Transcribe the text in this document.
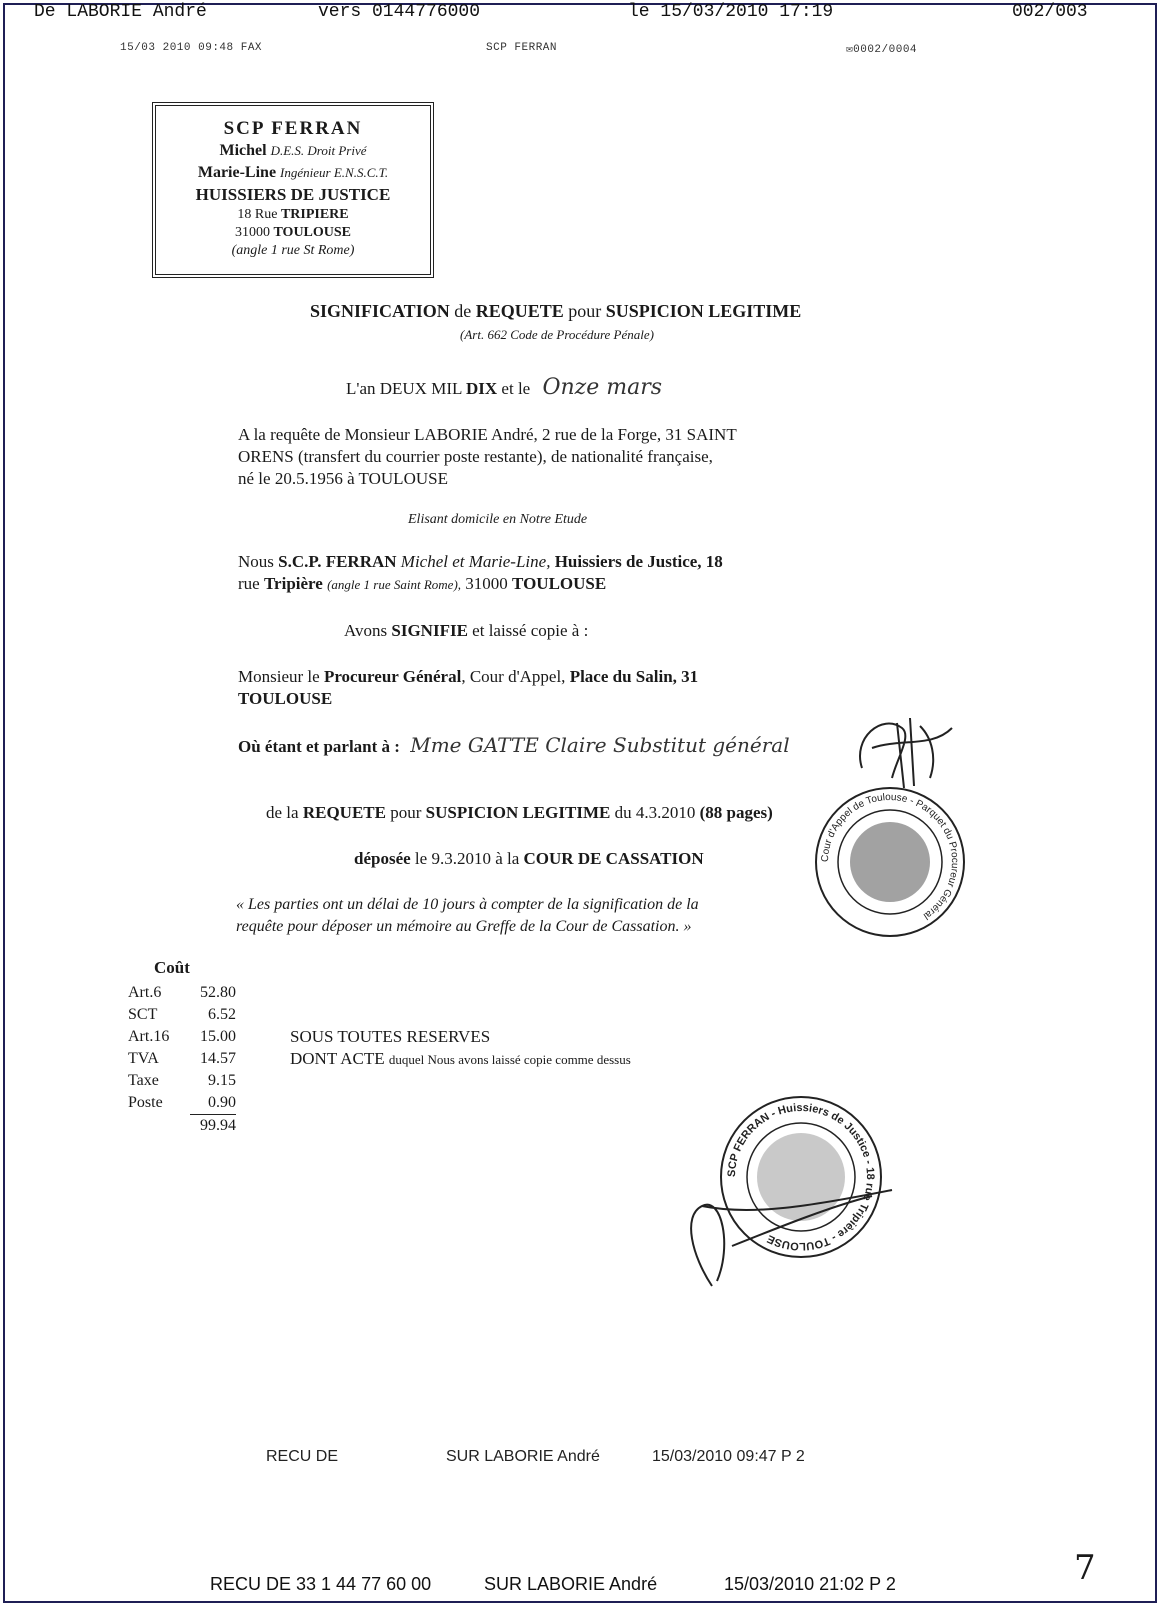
De LABORIE André	vers 0144776000	le 15/03/2010 17:19	002/003
15/03 2010 09:48 FAX	SCP FERRAN	✉0002/0004
SCP FERRAN
Michel D.E.S. Droit Privé
Marie-Line Ingénieur E.N.S.C.T.
HUISSIERS DE JUSTICE
18 Rue TRIPIERE
31000 TOULOUSE
(angle 1 rue St Rome)
SIGNIFICATION de REQUETE pour SUSPICION LEGITIME
(Art. 662 Code de Procédure Pénale)
L'an DEUX MIL DIX et le Onze mars
A la requête de Monsieur LABORIE André, 2 rue de la Forge, 31 SAINT
ORENS (transfert du courrier poste restante), de nationalité française,
né le 20.5.1956 à TOULOUSE
Elisant domicile en Notre Etude
Nous S.C.P. FERRAN Michel et Marie-Line, Huissiers de Justice, 18
rue Tripière (angle 1 rue Saint Rome), 31000 TOULOUSE
Avons SIGNIFIE et laissé copie à :
Monsieur le Procureur Général, Cour d'Appel, Place du Salin, 31
TOULOUSE
Où étant et parlant à : Mme GATTE Claire Substitut général
de la REQUETE pour SUSPICION LEGITIME du 4.3.2010 (88 pages)
déposée le 9.3.2010 à la COUR DE CASSATION
« Les parties ont un délai de 10 jours à compter de la signification de la
requête pour déposer un mémoire au Greffe de la Cour de Cassation. »
Coût
Art.6	52.80
SCT	6.52
Art.16	15.00
TVA	14.57
Taxe	9.15
Poste	0.90
	99.94
SOUS TOUTES RESERVES
DONT ACTE duquel Nous avons laissé copie comme dessus
Cour d'Appel de Toulouse - Parquet du Procureur Général
SCP FERRAN - Huissiers de Justice - 18 rue Tripière - TOULOUSE
RECU DE	SUR LABORIE André	15/03/2010 09:47 P 2
7
RECU DE 33 1 44 77 60 00	SUR LABORIE André	15/03/2010 21:02 P 2
